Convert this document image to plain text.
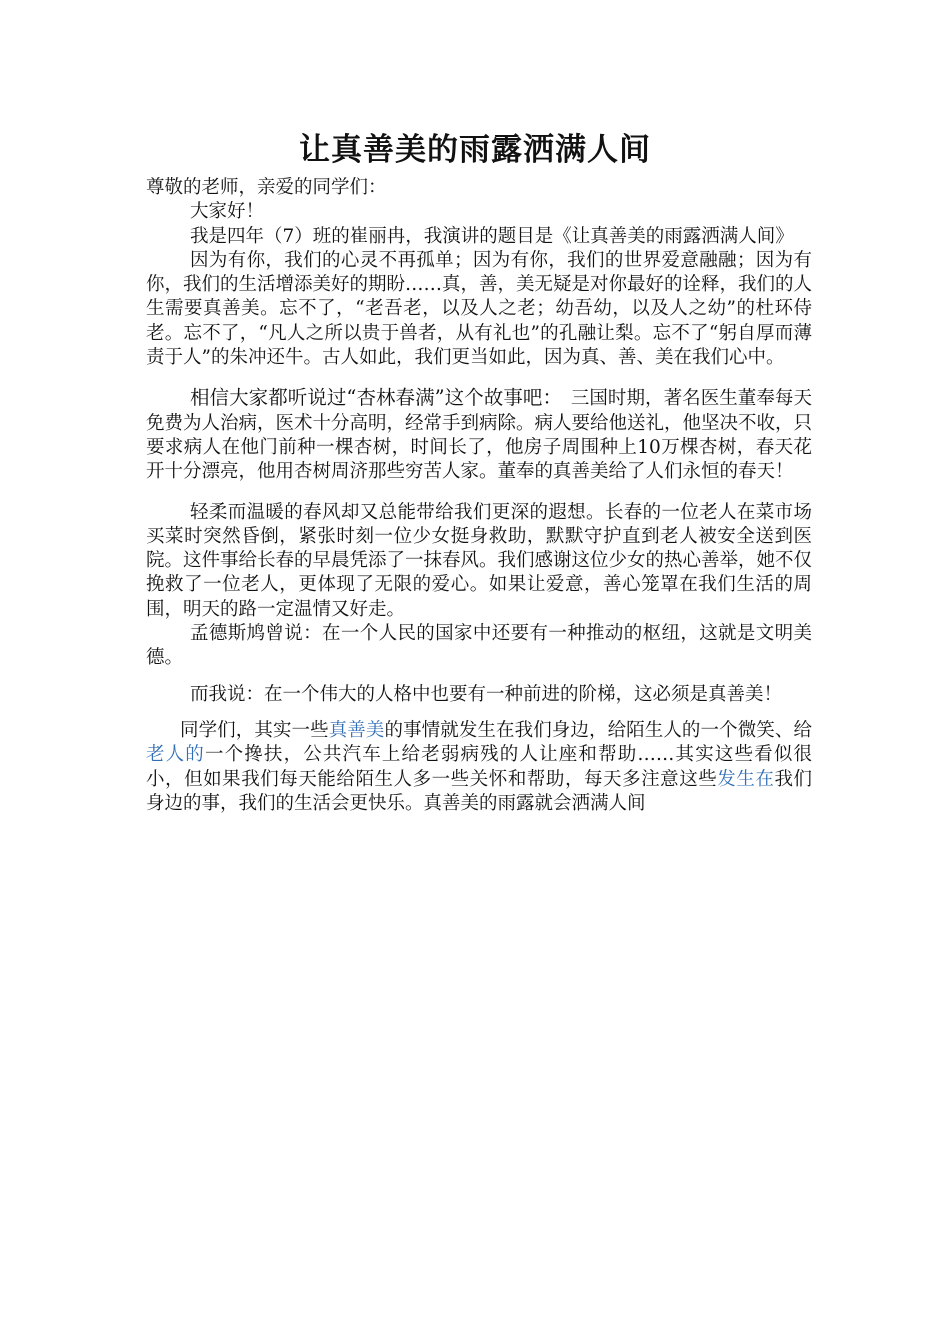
让真善美的雨露洒满人间

尊敬的老师，亲爱的同学们：

大家好！

我是四年（7）班的崔丽冉，我演讲的题目是《让真善美的雨露洒满人间》

因为有你，我们的心灵不再孤单；因为有你，我们的世界爱意融融；因为有你，我们的生活增添美好的期盼……真，善，美无疑是对你最好的诠释，我们的人生需要真善美。忘不了，“老吾老，以及人之老；幼吾幼，以及人之幼”的杜环侍老。忘不了，“凡人之所以贵于兽者，从有礼也”的孔融让梨。忘不了“躬自厚而薄责于人”的朱冲还牛。古人如此，我们更当如此，因为真、善、美在我们心中。

相信大家都听说过“杏林春满”这个故事吧：　 三国时期，著名医生董奉每天免费为人治病，医术十分高明，经常手到病除。病人要给他送礼，他坚决不收，只要求病人在他门前种一棵杏树，时间长了，他房子周围种上10万棵杏树，春天花开十分漂亮，他用杏树周济那些穷苦人家。董奉的真善美给了人们永恒的春天！

轻柔而温暖的春风却又总能带给我们更深的遐想。长春的一位老人在菜市场买菜时突然昏倒，紧张时刻一位少女挺身救助，默默守护直到老人被安全送到医院。这件事给长春的早晨凭添了一抹春风。我们感谢这位少女的热心善举，她不仅挽救了一位老人，更体现了无限的爱心。如果让爱意，善心笼罩在我们生活的周围，明天的路一定温情又好走。

孟德斯鸠曾说：在一个人民的国家中还要有一种推动的枢纽，这就是文明美德。

而我说：在一个伟大的人格中也要有一种前进的阶梯，这必须是真善美！

同学们，其实一些真善美的事情就发生在我们身边，给陌生人的一个微笑、给老人的一个搀扶，公共汽车上给老弱病残的人让座和帮助……其实这些看似很小，但如果我们每天能给陌生人多一些关怀和帮助，每天多注意这些发生在我们身边的事，我们的生活会更快乐。真善美的雨露就会洒满人间
